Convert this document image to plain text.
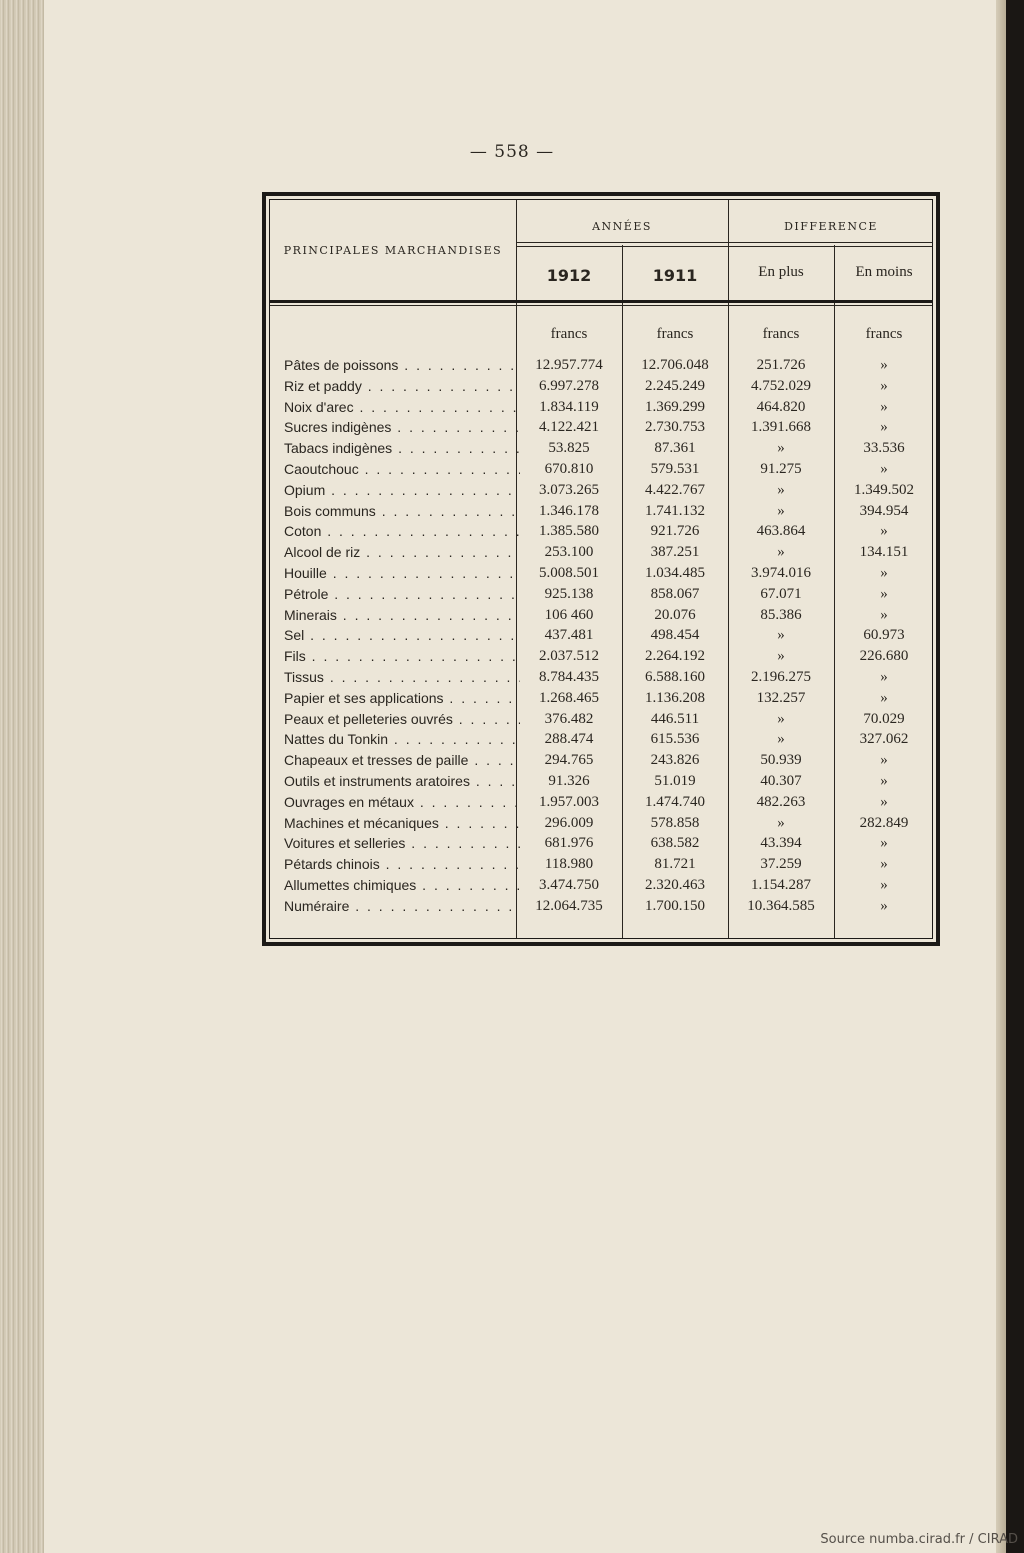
— 558 —
PRINCIPALES MARCHANDISES
ANNÉES	DIFFERENCE
1912	1911	En plus	En moins
francs	francs	francs	francs
Pâtes de poissons . . .	12.957.774	12.706.048	251.726	»
Riz et paddy . . .	6.997.278	2.245.249	4.752.029	»
Noix d'arec . . .	1.834.119	1.369.299	464.820	»
Sucres indigènes . . .	4.122.421	2.730.753	1.391.668	»
Tabacs indigènes . . .	53.825	87.361	»	33.536
Caoutchouc . . .	670.810	579.531	91.275	»
Opium . . .	3.073.265	4.422.767	»	1.349.502
Bois communs . . .	1.346.178	1.741.132	»	394.954
Coton . . .	1.385.580	921.726	463.864	»
Alcool de riz . . .	253.100	387.251	»	134.151
Houille . . .	5.008.501	1.034.485	3.974.016	»
Pétrole . . .	925.138	858.067	67.071	»
Minerais . . .	106 460	20.076	85.386	»
Sel . . .	437.481	498.454	»	60.973
Fils . . .	2.037.512	2.264.192	»	226.680
Tissus . . .	8.784.435	6.588.160	2.196.275	»
Papier et ses applications . . .	1.268.465	1.136.208	132.257	»
Peaux et pelleteries ouvrés . . .	376.482	446.511	»	70.029
Nattes du Tonkin . . .	288.474	615.536	»	327.062
Chapeaux et tresses de paille . . .	294.765	243.826	50.939	»
Outils et instruments aratoires . . .	91.326	51.019	40.307	»
Ouvrages en métaux . . .	1.957.003	1.474.740	482.263	»
Machines et mécaniques . . .	296.009	578.858	»	282.849
Voitures et selleries . . .	681.976	638.582	43.394	»
Pétards chinois . . .	118.980	81.721	37.259	»
Allumettes chimiques . . .	3.474.750	2.320.463	1.154.287	»
Numéraire . . .	12.064.735	1.700.150	10.364.585	»
Source numba.cirad.fr / CIRAD
